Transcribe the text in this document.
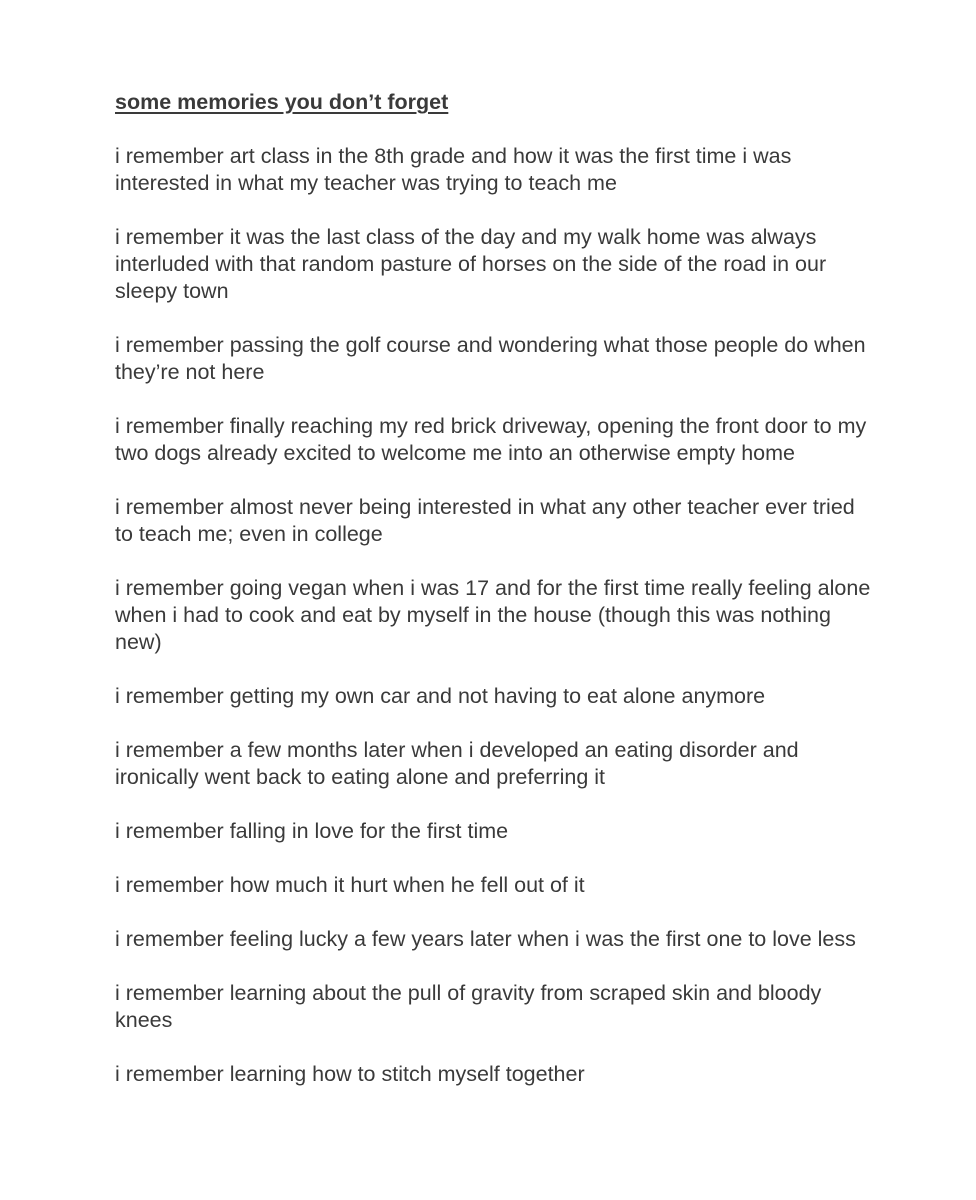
some memories you don’t forget
i remember art class in the 8th grade and how it was the first time i was interested in what my teacher was trying to teach me
i remember it was the last class of the day and my walk home was always interluded with that random pasture of horses on the side of the road in our sleepy town
i remember passing the golf course and wondering what those people do when they’re not here
i remember finally reaching my red brick driveway, opening the front door to my two dogs already excited to welcome me into an otherwise empty home
i remember almost never being interested in what any other teacher ever tried to teach me; even in college
i remember going vegan when i was 17 and for the first time really feeling alone when i had to cook and eat by myself in the house (though this was nothing new)
i remember getting my own car and not having to eat alone anymore
i remember a few months later when i developed an eating disorder and ironically went back to eating alone and preferring it
i remember falling in love for the first time
i remember how much it hurt when he fell out of it
i remember feeling lucky a few years later when i was the first one to love less
i remember learning about the pull of gravity from scraped skin and bloody knees
i remember learning how to stitch myself together
